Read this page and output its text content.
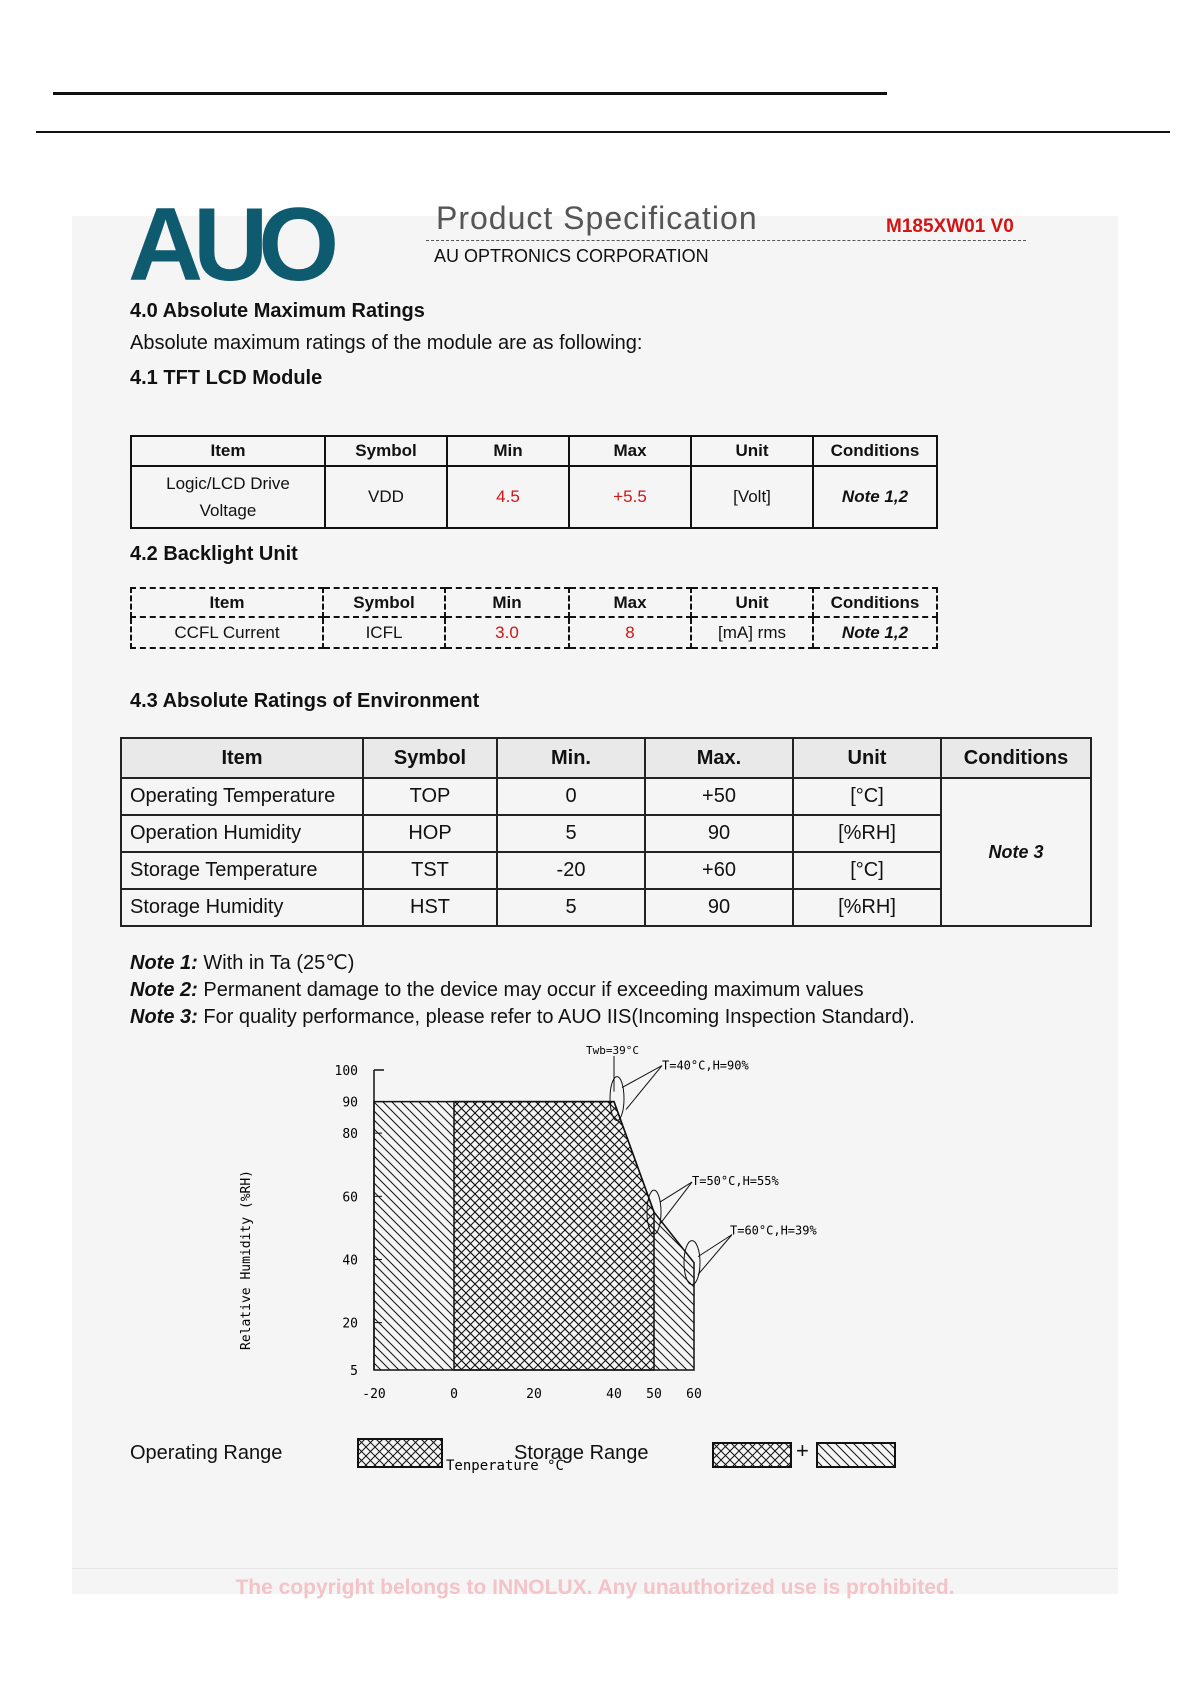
AUO	Product Specification	M185XW01 V0
AU OPTRONICS CORPORATION
4.0 Absolute Maximum Ratings
Absolute maximum ratings of the module are as following:
4.1 TFT LCD Module
Item	Symbol	Min	Max	Unit	Conditions

Logic/LCD Drive
Voltage	VDD	4.5	+5.5	[Volt]	Note 1,2
4.2 Backlight Unit
Item	Symbol	Min	Max	Unit	Conditions
CCFL Current	ICFL	3.0	8	[mA] rms	Note 1,2
4.3 Absolute Ratings of Environment
Item	Symbol	Min.	Max.	Unit	Conditions
Operating Temperature	TOP	0	+50	[°C]	Note 3
Operation Humidity	HOP	5	90	[%RH]	
Storage Temperature	TST	-20	+60	[°C]	
Storage Humidity	HST	5	90	[%RH]	
Note 1: With in Ta (25℃)
Note 2: Permanent damage to the device may occur if exceeding maximum values
Note 3: For quality performance, please refer to AUO IIS(Incoming Inspection Standard).
5
20
40
60
80
90
100
-20	0	20	40 50 60
Twb=39°C
T=40°C,H=90%
T=50°C,H=55%
T=60°C,H=39%
Tenperature °C
Relative Humidity (%RH)
Operating Range	Storage Range	+
The copyright belongs to INNOLUX. Any unauthorized use is prohibited.
